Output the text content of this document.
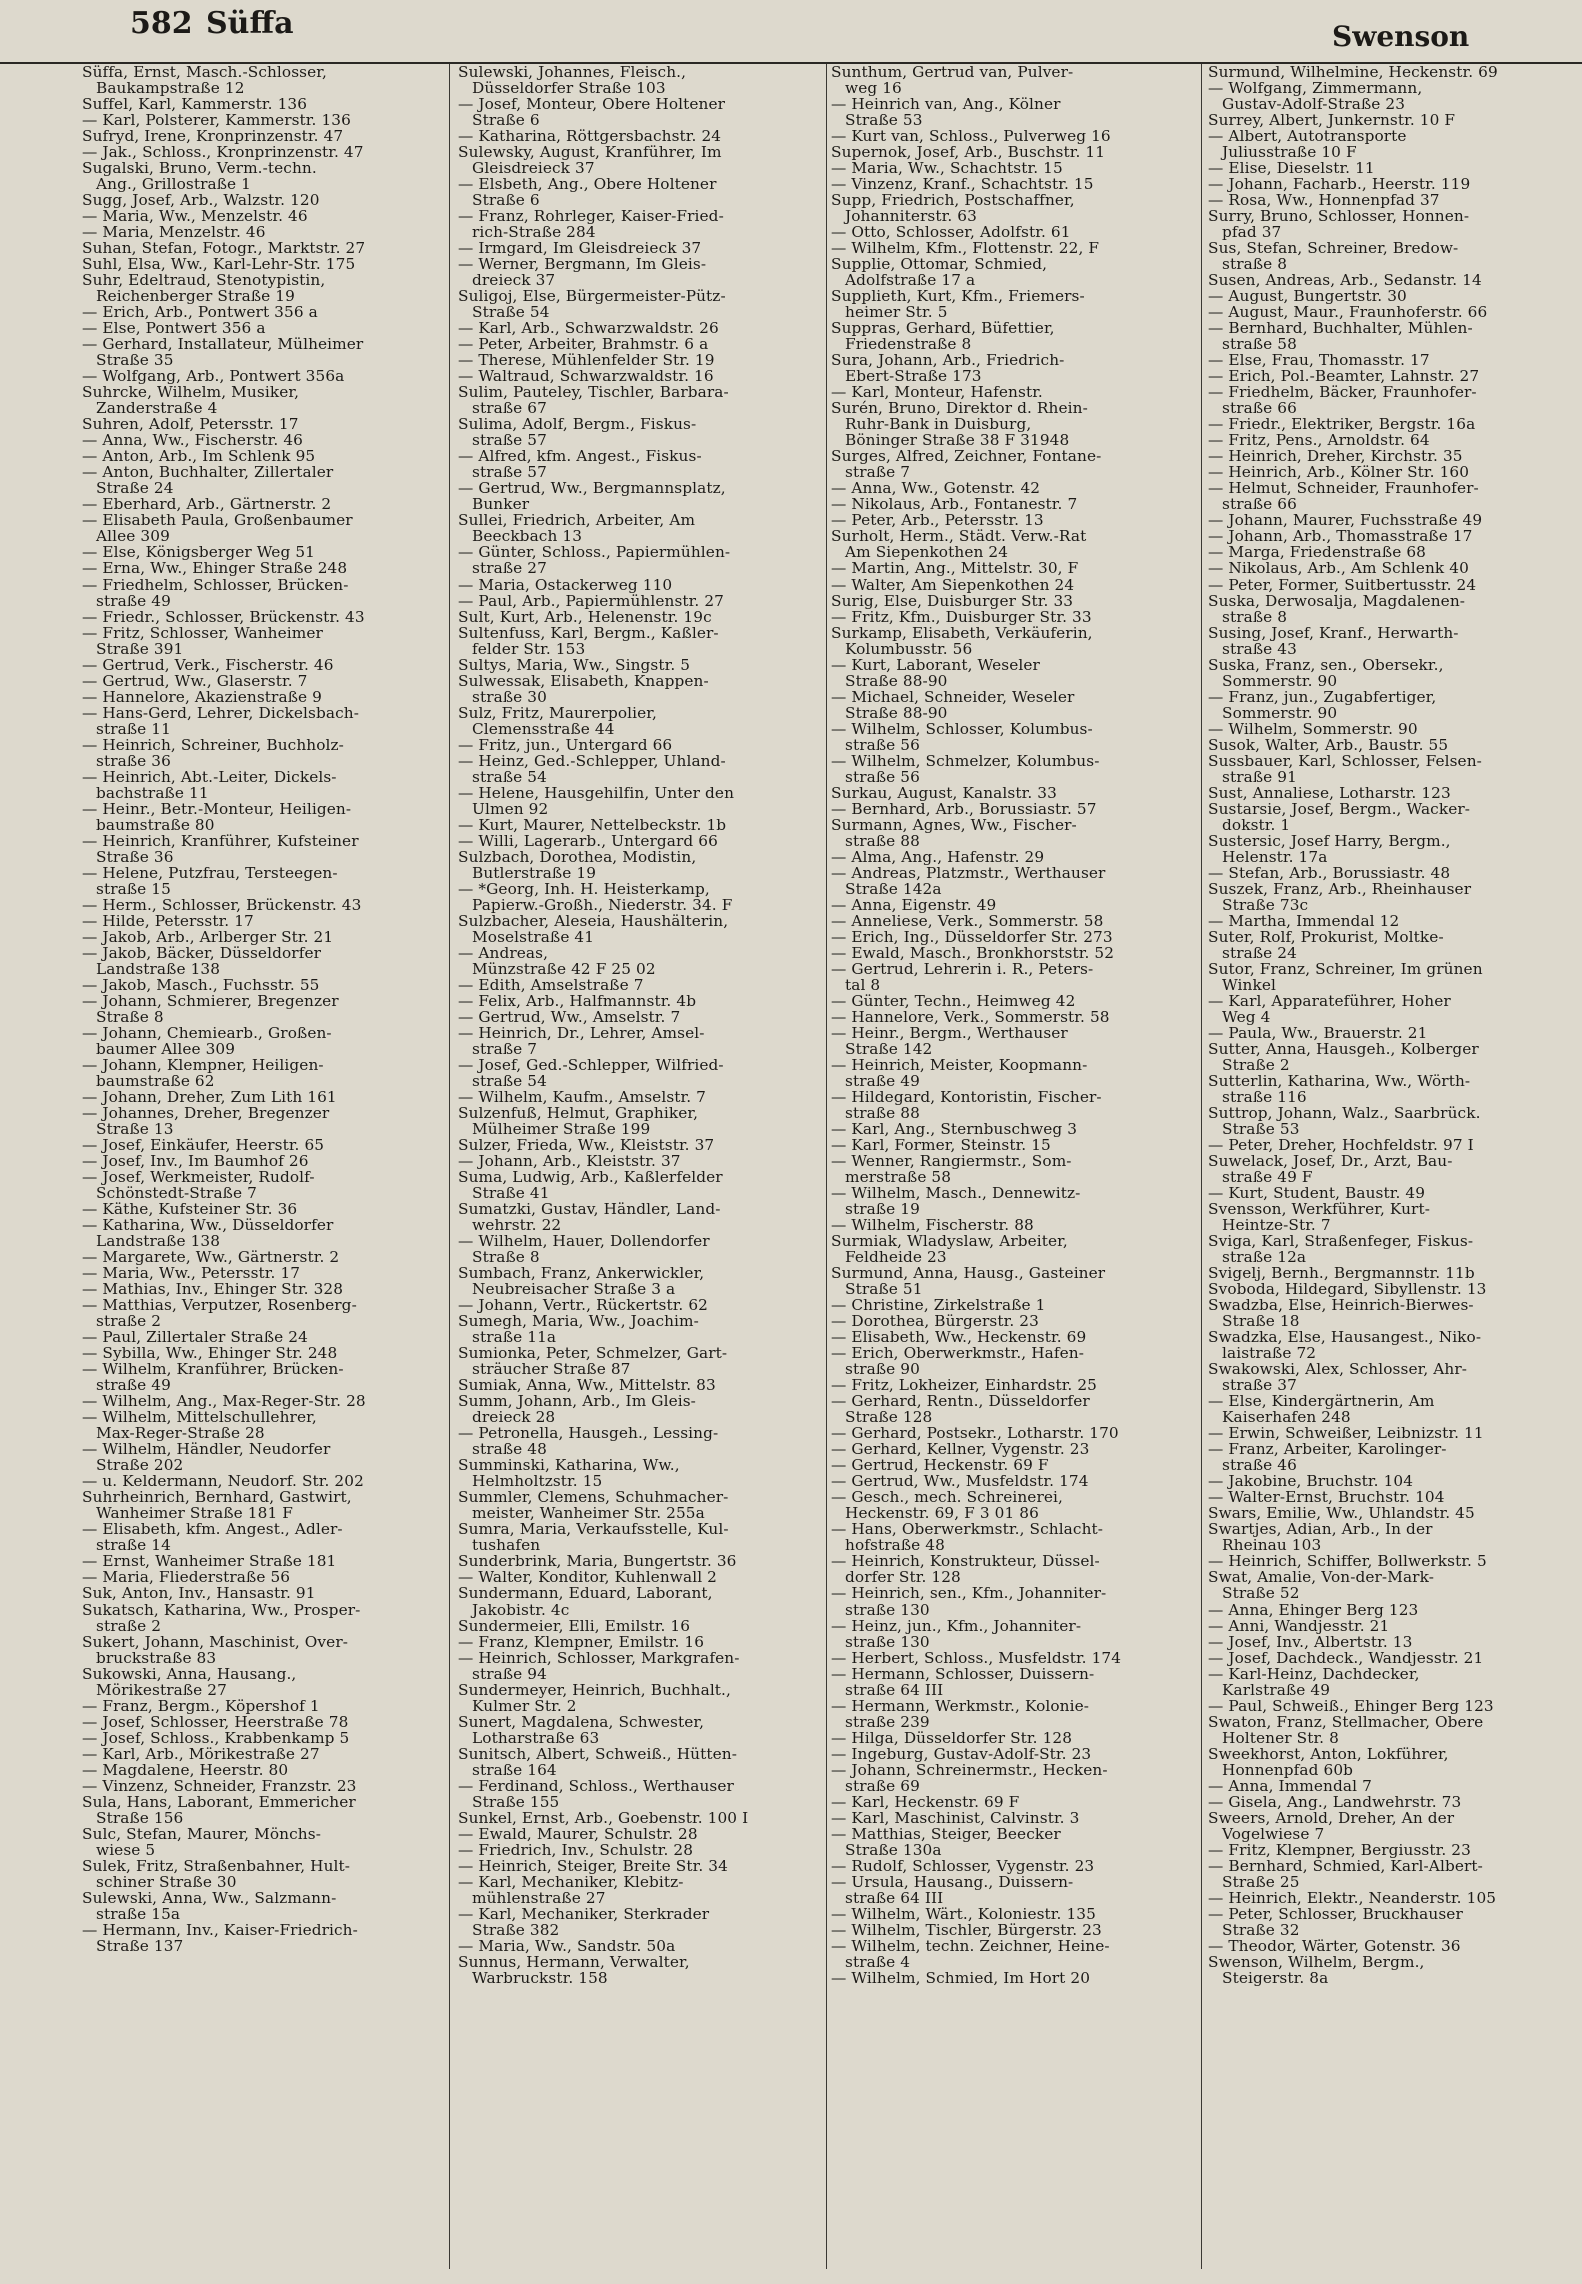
582 Süffa	Swenson
Süffa, Ernst, Masch.-Schlosser,
Baukampstraße 12
Suffel, Karl, Kammerstr. 136
— Karl, Polsterer, Kammerstr. 136
Sufryd, Irene, Kronprinzenstr. 47
— Jak., Schloss., Kronprinzenstr. 47
Sugalski, Bruno, Verm.-techn.
Ang., Grillostraße 1
Sugg, Josef, Arb., Walzstr. 120
— Maria, Ww., Menzelstr. 46
— Maria, Menzelstr. 46
Suhan, Stefan, Fotogr., Marktstr. 27
Suhl, Elsa, Ww., Karl-Lehr-Str. 175
Suhr, Edeltraud, Stenotypistin,
Reichenberger Straße 19
— Erich, Arb., Pontwert 356 a
— Else, Pontwert 356 a
— Gerhard, Installateur, Mülheimer
Straße 35
— Wolfgang, Arb., Pontwert 356a
Suhrcke, Wilhelm, Musiker,
Zanderstraße 4
Suhren, Adolf, Petersstr. 17
— Anna, Ww., Fischerstr. 46
— Anton, Arb., Im Schlenk 95
— Anton, Buchhalter, Zillertaler
Straße 24
— Eberhard, Arb., Gärtnerstr. 2
— Elisabeth Paula, Großenbaumer
Allee 309
— Else, Königsberger Weg 51
— Erna, Ww., Ehinger Straße 248
— Friedhelm, Schlosser, Brücken-
straße 49
— Friedr., Schlosser, Brückenstr. 43
— Fritz, Schlosser, Wanheimer
Straße 391
— Gertrud, Verk., Fischerstr. 46
— Gertrud, Ww., Glaserstr. 7
— Hannelore, Akazienstraße 9
— Hans-Gerd, Lehrer, Dickelsbach-
straße 11
— Heinrich, Schreiner, Buchholz-
straße 36
— Heinrich, Abt.-Leiter, Dickels-
bachstraße 11
— Heinr., Betr.-Monteur, Heiligen-
baumstraße 80
— Heinrich, Kranführer, Kufsteiner
Straße 36
— Helene, Putzfrau, Tersteegen-
straße 15
— Herm., Schlosser, Brückenstr. 43
— Hilde, Petersstr. 17
— Jakob, Arb., Arlberger Str. 21
— Jakob, Bäcker, Düsseldorfer
Landstraße 138
— Jakob, Masch., Fuchsstr. 55
— Johann, Schmierer, Bregenzer
Straße 8
— Johann, Chemiearb., Großen-
baumer Allee 309
— Johann, Klempner, Heiligen-
baumstraße 62
— Johann, Dreher, Zum Lith 161
— Johannes, Dreher, Bregenzer
Straße 13
— Josef, Einkäufer, Heerstr. 65
— Josef, Inv., Im Baumhof 26
— Josef, Werkmeister, Rudolf-
Schönstedt-Straße 7
— Käthe, Kufsteiner Str. 36
— Katharina, Ww., Düsseldorfer
Landstraße 138
— Margarete, Ww., Gärtnerstr. 2
— Maria, Ww., Petersstr. 17
— Mathias, Inv., Ehinger Str. 328
— Matthias, Verputzer, Rosenberg-
straße 2
— Paul, Zillertaler Straße 24
— Sybilla, Ww., Ehinger Str. 248
— Wilhelm, Kranführer, Brücken-
straße 49
— Wilhelm, Ang., Max-Reger-Str. 28
— Wilhelm, Mittelschullehrer,
Max-Reger-Straße 28
— Wilhelm, Händler, Neudorfer
Straße 202
— u. Keldermann, Neudorf. Str. 202
Suhrheinrich, Bernhard, Gastwirt,
Wanheimer Straße 181 F
— Elisabeth, kfm. Angest., Adler-
straße 14
— Ernst, Wanheimer Straße 181
— Maria, Fliederstraße 56
Suk, Anton, Inv., Hansastr. 91
Sukatsch, Katharina, Ww., Prosper-
straße 2
Sukert, Johann, Maschinist, Over-
bruckstraße 83
Sukowski, Anna, Hausang.,
Mörikestraße 27
— Franz, Bergm., Köpershof 1
— Josef, Schlosser, Heerstraße 78
— Josef, Schloss., Krabbenkamp 5
— Karl, Arb., Mörikestraße 27
— Magdalene, Heerstr. 80
— Vinzenz, Schneider, Franzstr. 23
Sula, Hans, Laborant, Emmericher
Straße 156
Sulc, Stefan, Maurer, Mönchs-
wiese 5
Sulek, Fritz, Straßenbahner, Hult-
schiner Straße 30
Sulewski, Anna, Ww., Salzmann-
straße 15a
— Hermann, Inv., Kaiser-Friedrich-
Straße 137
Sulewski, Johannes, Fleisch.,
Düsseldorfer Straße 103
— Josef, Monteur, Obere Holtener
Straße 6
— Katharina, Röttgersbachstr. 24
Sulewsky, August, Kranführer, Im
Gleisdreieck 37
— Elsbeth, Ang., Obere Holtener
Straße 6
— Franz, Rohrleger, Kaiser-Fried-
rich-Straße 284
— Irmgard, Im Gleisdreieck 37
— Werner, Bergmann, Im Gleis-
dreieck 37
Suligoj, Else, Bürgermeister-Pütz-
Straße 54
— Karl, Arb., Schwarzwaldstr. 26
— Peter, Arbeiter, Brahmstr. 6 a
— Therese, Mühlenfelder Str. 19
— Waltraud, Schwarzwaldstr. 16
Sulim, Pauteley, Tischler, Barbara-
straße 67
Sulima, Adolf, Bergm., Fiskus-
straße 57
— Alfred, kfm. Angest., Fiskus-
straße 57
— Gertrud, Ww., Bergmannsplatz,
Bunker
Sullei, Friedrich, Arbeiter, Am
Beeckbach 13
— Günter, Schloss., Papiermühlen-
straße 27
— Maria, Ostackerweg 110
— Paul, Arb., Papiermühlenstr. 27
Sult, Kurt, Arb., Helenenstr. 19c
Sultenfuss, Karl, Bergm., Kaßler-
felder Str. 153
Sultys, Maria, Ww., Singstr. 5
Sulwessak, Elisabeth, Knappen-
straße 30
Sulz, Fritz, Maurerpolier,
Clemensstraße 44
— Fritz, jun., Untergard 66
— Heinz, Ged.-Schlepper, Uhland-
straße 54
— Helene, Hausgehilfin, Unter den
Ulmen 92
— Kurt, Maurer, Nettelbeckstr. 1b
— Willi, Lagerarb., Untergard 66
Sulzbach, Dorothea, Modistin,
Butlerstraße 19
— *Georg, Inh. H. Heisterkamp,
Papierw.-Großh., Niederstr. 34. F
Sulzbacher, Aleseia, Haushälterin,
Moselstraße 41
— Andreas,
Münzstraße 42 F 25 02
— Edith, Amselstraße 7
— Felix, Arb., Halfmannstr. 4b
— Gertrud, Ww., Amselstr. 7
— Heinrich, Dr., Lehrer, Amsel-
straße 7
— Josef, Ged.-Schlepper, Wilfried-
straße 54
— Wilhelm, Kaufm., Amselstr. 7
Sulzenfuß, Helmut, Graphiker,
Mülheimer Straße 199
Sulzer, Frieda, Ww., Kleiststr. 37
— Johann, Arb., Kleiststr. 37
Suma, Ludwig, Arb., Kaßlerfelder
Straße 41
Sumatzki, Gustav, Händler, Land-
wehrstr. 22
— Wilhelm, Hauer, Dollendorfer
Straße 8
Sumbach, Franz, Ankerwickler,
Neubreisacher Straße 3 a
— Johann, Vertr., Rückertstr. 62
Sumegh, Maria, Ww., Joachim-
straße 11a
Sumionka, Peter, Schmelzer, Gart-
sträucher Straße 87
Sumiak, Anna, Ww., Mittelstr. 83
Summ, Johann, Arb., Im Gleis-
dreieck 28
— Petronella, Hausgeh., Lessing-
straße 48
Summinski, Katharina, Ww.,
Helmholtzstr. 15
Summler, Clemens, Schuhmacher-
meister, Wanheimer Str. 255a
Sumra, Maria, Verkaufsstelle, Kul-
tushafen
Sunderbrink, Maria, Bungertstr. 36
— Walter, Konditor, Kuhlenwall 2
Sundermann, Eduard, Laborant,
Jakobistr. 4c
Sundermeier, Elli, Emilstr. 16
— Franz, Klempner, Emilstr. 16
— Heinrich, Schlosser, Markgrafen-
straße 94
Sundermeyer, Heinrich, Buchhalt.,
Kulmer Str. 2
Sunert, Magdalena, Schwester,
Lotharstraße 63
Sunitsch, Albert, Schweiß., Hütten-
straße 164
— Ferdinand, Schloss., Werthauser
Straße 155
Sunkel, Ernst, Arb., Goebenstr. 100 I
— Ewald, Maurer, Schulstr. 28
— Friedrich, Inv., Schulstr. 28
— Heinrich, Steiger, Breite Str. 34
— Karl, Mechaniker, Klebitz-
mühlenstraße 27
— Karl, Mechaniker, Sterkrader
Straße 382
— Maria, Ww., Sandstr. 50a
Sunnus, Hermann, Verwalter,
Warbruckstr. 158
Sunthum, Gertrud van, Pulver-
weg 16
— Heinrich van, Ang., Kölner
Straße 53
— Kurt van, Schloss., Pulverweg 16
Supernok, Josef, Arb., Buschstr. 11
— Maria, Ww., Schachtstr. 15
— Vinzenz, Kranf., Schachtstr. 15
Supp, Friedrich, Postschaffner,
Johanniterstr. 63
— Otto, Schlosser, Adolfstr. 61
— Wilhelm, Kfm., Flottenstr. 22, F
Supplie, Ottomar, Schmied,
Adolfstraße 17 a
Supplieth, Kurt, Kfm., Friemers-
heimer Str. 5
Suppras, Gerhard, Büfettier,
Friedenstraße 8
Sura, Johann, Arb., Friedrich-
Ebert-Straße 173
— Karl, Monteur, Hafenstr.
Surén, Bruno, Direktor d. Rhein-
Ruhr-Bank in Duisburg,
Böninger Straße 38 F 31948
Surges, Alfred, Zeichner, Fontane-
straße 7
— Anna, Ww., Gotenstr. 42
— Nikolaus, Arb., Fontanestr. 7
— Peter, Arb., Petersstr. 13
Surholt, Herm., Städt. Verw.-Rat
Am Siepenkothen 24
— Martin, Ang., Mittelstr. 30, F
— Walter, Am Siepenkothen 24
Surig, Else, Duisburger Str. 33
— Fritz, Kfm., Duisburger Str. 33
Surkamp, Elisabeth, Verkäuferin,
Kolumbusstr. 56
— Kurt, Laborant, Weseler
Straße 88-90
— Michael, Schneider, Weseler
Straße 88-90
— Wilhelm, Schlosser, Kolumbus-
straße 56
— Wilhelm, Schmelzer, Kolumbus-
straße 56
Surkau, August, Kanalstr. 33
— Bernhard, Arb., Borussiastr. 57
Surmann, Agnes, Ww., Fischer-
straße 88
— Alma, Ang., Hafenstr. 29
— Andreas, Platzmstr., Werthauser
Straße 142a
— Anna, Eigenstr. 49
— Anneliese, Verk., Sommerstr. 58
— Erich, Ing., Düsseldorfer Str. 273
— Ewald, Masch., Bronkhorststr. 52
— Gertrud, Lehrerin i. R., Peters-
tal 8
— Günter, Techn., Heimweg 42
— Hannelore, Verk., Sommerstr. 58
— Heinr., Bergm., Werthauser
Straße 142
— Heinrich, Meister, Koopmann-
straße 49
— Hildegard, Kontoristin, Fischer-
straße 88
— Karl, Ang., Sternbuschweg 3
— Karl, Former, Steinstr. 15
— Wenner, Rangiermstr., Som-
merstraße 58
— Wilhelm, Masch., Dennewitz-
straße 19
— Wilhelm, Fischerstr. 88
Surmiak, Wladyslaw, Arbeiter,
Feldheide 23
Surmund, Anna, Hausg., Gasteiner
Straße 51
— Christine, Zirkelstraße 1
— Dorothea, Bürgerstr. 23
— Elisabeth, Ww., Heckenstr. 69
— Erich, Oberwerkmstr., Hafen-
straße 90
— Fritz, Lokheizer, Einhardstr. 25
— Gerhard, Rentn., Düsseldorfer
Straße 128
— Gerhard, Postsekr., Lotharstr. 170
— Gerhard, Kellner, Vygenstr. 23
— Gertrud, Heckenstr. 69 F
— Gertrud, Ww., Musfeldstr. 174
— Gesch., mech. Schreinerei,
Heckenstr. 69, F 3 01 86
— Hans, Oberwerkmstr., Schlacht-
hofstraße 48
— Heinrich, Konstrukteur, Düssel-
dorfer Str. 128
— Heinrich, sen., Kfm., Johanniter-
straße 130
— Heinz, jun., Kfm., Johanniter-
straße 130
— Herbert, Schloss., Musfeldstr. 174
— Hermann, Schlosser, Duissern-
straße 64 III
— Hermann, Werkmstr., Kolonie-
straße 239
— Hilga, Düsseldorfer Str. 128
— Ingeburg, Gustav-Adolf-Str. 23
— Johann, Schreinermstr., Hecken-
straße 69
— Karl, Heckenstr. 69 F
— Karl, Maschinist, Calvinstr. 3
— Matthias, Steiger, Beecker
Straße 130a
— Rudolf, Schlosser, Vygenstr. 23
— Ursula, Hausang., Duissern-
straße 64 III
— Wilhelm, Wärt., Koloniestr. 135
— Wilhelm, Tischler, Bürgerstr. 23
— Wilhelm, techn. Zeichner, Heine-
straße 4
— Wilhelm, Schmied, Im Hort 20
Surmund, Wilhelmine, Heckenstr. 69
— Wolfgang, Zimmermann,
Gustav-Adolf-Straße 23
Surrey, Albert, Junkernstr. 10 F
— Albert, Autotransporte
Juliusstraße 10 F
— Elise, Dieselstr. 11
— Johann, Facharb., Heerstr. 119
— Rosa, Ww., Honnenpfad 37
Surry, Bruno, Schlosser, Honnen-
pfad 37
Sus, Stefan, Schreiner, Bredow-
straße 8
Susen, Andreas, Arb., Sedanstr. 14
— August, Bungertstr. 30
— August, Maur., Fraunhoferstr. 66
— Bernhard, Buchhalter, Mühlen-
straße 58
— Else, Frau, Thomasstr. 17
— Erich, Pol.-Beamter, Lahnstr. 27
— Friedhelm, Bäcker, Fraunhofer-
straße 66
— Friedr., Elektriker, Bergstr. 16a
— Fritz, Pens., Arnoldstr. 64
— Heinrich, Dreher, Kirchstr. 35
— Heinrich, Arb., Kölner Str. 160
— Helmut, Schneider, Fraunhofer-
straße 66
— Johann, Maurer, Fuchsstraße 49
— Johann, Arb., Thomasstraße 17
— Marga, Friedenstraße 68
— Nikolaus, Arb., Am Schlenk 40
— Peter, Former, Suitbertusstr. 24
Suska, Derwosalja, Magdalenen-
straße 8
Susing, Josef, Kranf., Herwarth-
straße 43
Suska, Franz, sen., Obersekr.,
Sommerstr. 90
— Franz, jun., Zugabfertiger,
Sommerstr. 90
— Wilhelm, Sommerstr. 90
Susok, Walter, Arb., Baustr. 55
Sussbauer, Karl, Schlosser, Felsen-
straße 91
Sust, Annaliese, Lotharstr. 123
Sustarsie, Josef, Bergm., Wacker-
dokstr. 1
Sustersic, Josef Harry, Bergm.,
Helenstr. 17a
— Stefan, Arb., Borussiastr. 48
Suszek, Franz, Arb., Rheinhauser
Straße 73c
— Martha, Immendal 12
Suter, Rolf, Prokurist, Moltke-
straße 24
Sutor, Franz, Schreiner, Im grünen
Winkel
— Karl, Apparateführer, Hoher
Weg 4
— Paula, Ww., Brauerstr. 21
Sutter, Anna, Hausgeh., Kolberger
Straße 2
Sutterlin, Katharina, Ww., Wörth-
straße 116
Suttrop, Johann, Walz., Saarbrück.
Straße 53
— Peter, Dreher, Hochfeldstr. 97 I
Suwelack, Josef, Dr., Arzt, Bau-
straße 49 F
— Kurt, Student, Baustr. 49
Svensson, Werkführer, Kurt-
Heintze-Str. 7
Sviga, Karl, Straßenfeger, Fiskus-
straße 12a
Svigelj, Bernh., Bergmannstr. 11b
Svoboda, Hildegard, Sibyllenstr. 13
Swadzba, Else, Heinrich-Bierwes-
Straße 18
Swadzka, Else, Hausangest., Niko-
laistraße 72
Swakowski, Alex, Schlosser, Ahr-
straße 37
— Else, Kindergärtnerin, Am
Kaiserhafen 248
— Erwin, Schweißer, Leibnizstr. 11
— Franz, Arbeiter, Karolinger-
straße 46
— Jakobine, Bruchstr. 104
— Walter-Ernst, Bruchstr. 104
Swars, Emilie, Ww., Uhlandstr. 45
Swartjes, Adian, Arb., In der
Rheinau 103
— Heinrich, Schiffer, Bollwerkstr. 5
Swat, Amalie, Von-der-Mark-
Straße 52
— Anna, Ehinger Berg 123
— Anni, Wandjesstr. 21
— Josef, Inv., Albertstr. 13
— Josef, Dachdeck., Wandjesstr. 21
— Karl-Heinz, Dachdecker,
Karlstraße 49
— Paul, Schweiß., Ehinger Berg 123
Swaton, Franz, Stellmacher, Obere
Holtener Str. 8
Sweekhorst, Anton, Lokführer,
Honnenpfad 60b
— Anna, Immendal 7
— Gisela, Ang., Landwehrstr. 73
Sweers, Arnold, Dreher, An der
Vogelwiese 7
— Fritz, Klempner, Bergiusstr. 23
— Bernhard, Schmied, Karl-Albert-
Straße 25
— Heinrich, Elektr., Neanderstr. 105
— Peter, Schlosser, Bruckhauser
Straße 32
— Theodor, Wärter, Gotenstr. 36
Swenson, Wilhelm, Bergm.,
Steigerstr. 8a
